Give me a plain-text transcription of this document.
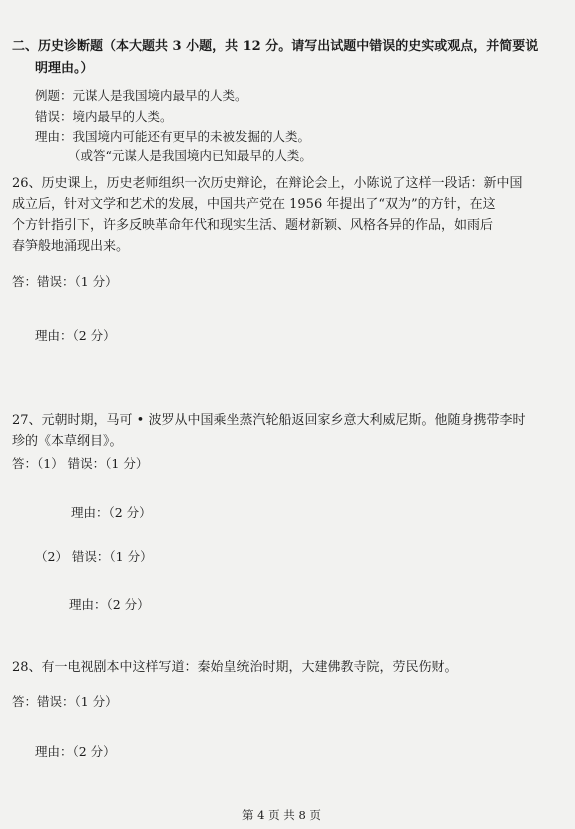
二、历史诊断题（本大题共 3 小题，共 12 分。请写出试题中错误的史实或观点，并简要说
明理由。）
例题：元谋人是我国境内最早的人类。
错误：境内最早的人类。
理由：我国境内可能还有更早的未被发掘的人类。
（或答“元谋人是我国境内已知最早的人类。
26、历史课上，历史老师组织一次历史辩论，在辩论会上，小陈说了这样一段话：新中国
成立后，针对文学和艺术的发展，中国共产党在 1956 年提出了“双为”的方针，在这
个方针指引下，许多反映革命年代和现实生活、题材新颖、风格各异的作品，如雨后
春笋般地涌现出来。
答：错误：（1 分）
理由：（2 分）
27、元朝时期，马可 • 波罗从中国乘坐蒸汽轮船返回家乡意大利威尼斯。他随身携带李时
珍的《本草纲目》。
答：（1） 错误：（1 分）
理由：（2 分）
（2） 错误：（1 分）
理由：（2 分）
28、有一电视剧本中这样写道：秦始皇统治时期，大建佛教寺院，劳民伤财。
答：错误：（1 分）
理由：（2 分）
第 4 页 共 8 页
